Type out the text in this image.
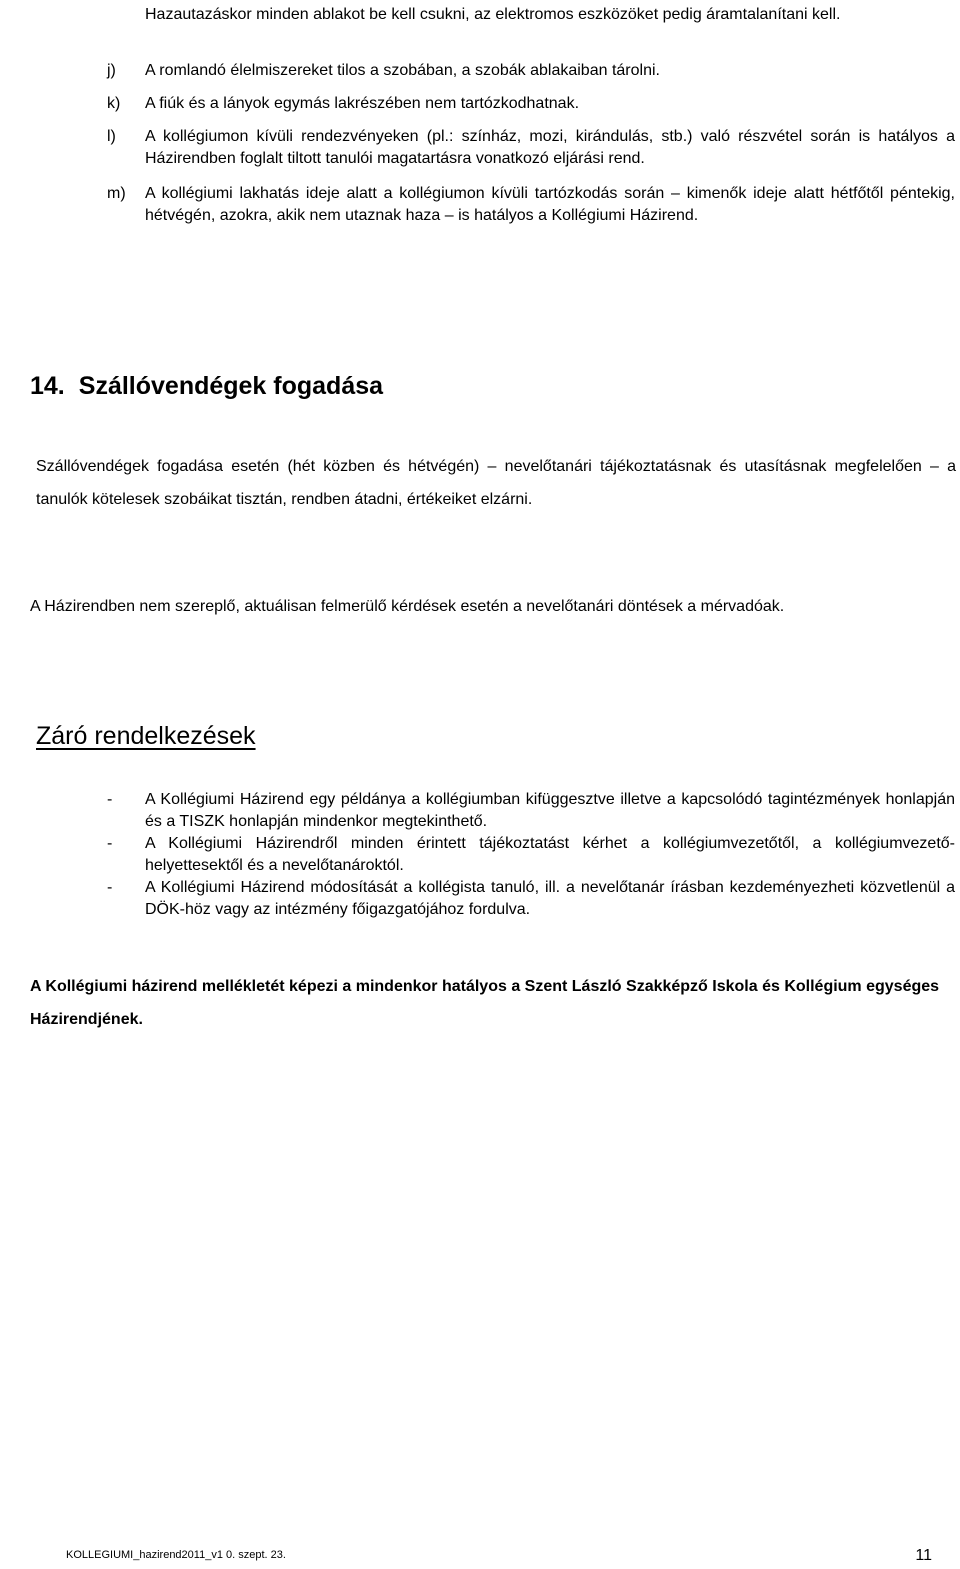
Hazautazáskor minden ablakot be kell csukni, az elektromos eszközöket pedig áramtalanítani kell.
j) A romlandó élelmiszereket tilos a szobában, a szobák ablakaiban tárolni.
k) A fiúk és a lányok egymás lakrészében nem tartózkodhatnak.
l) A kollégiumon kívüli rendezvényeken (pl.: színház, mozi, kirándulás, stb.) való részvétel során is hatályos a Házirendben foglalt tiltott tanulói magatartásra vonatkozó eljárási rend.
m) A kollégiumi lakhatás ideje alatt a kollégiumon kívüli tartózkodás során – kimenők ideje alatt hétfőtől péntekig, hétvégén, azokra, akik nem utaznak haza – is hatályos a Kollégiumi Házirend.
14. Szállóvendégek fogadása
Szállóvendégek fogadása esetén (hét közben és hétvégén) – nevelőtanári tájékoztatásnak és utasításnak megfelelően – a tanulók kötelesek szobáikat tisztán, rendben átadni, értékeiket elzárni.
A Házirendben nem szereplő, aktuálisan felmerülő kérdések esetén a nevelőtanári döntések a mérvadóak.
Záró rendelkezések
- A Kollégiumi Házirend egy példánya a kollégiumban kifüggesztve illetve a kapcsolódó tagintézmények honlapján és a TISZK honlapján mindenkor megtekinthető.
- A Kollégiumi Házirendről minden érintett tájékoztatást kérhet a kollégiumvezetőtől, a kollégiumvezető-helyettesektől és a nevelőtanároktól.
- A Kollégiumi Házirend módosítását a kollégista tanuló, ill. a nevelőtanár írásban kezdeményezheti közvetlenül a DÖK-höz vagy az intézmény főigazgatójához fordulva.
A Kollégiumi házirend mellékletét képezi a mindenkor hatályos a Szent László Szakképző Iskola és Kollégium egységes Házirendjének.
KOLLEGIUMI_hazirend2011_v1 0. szept. 23.	11
